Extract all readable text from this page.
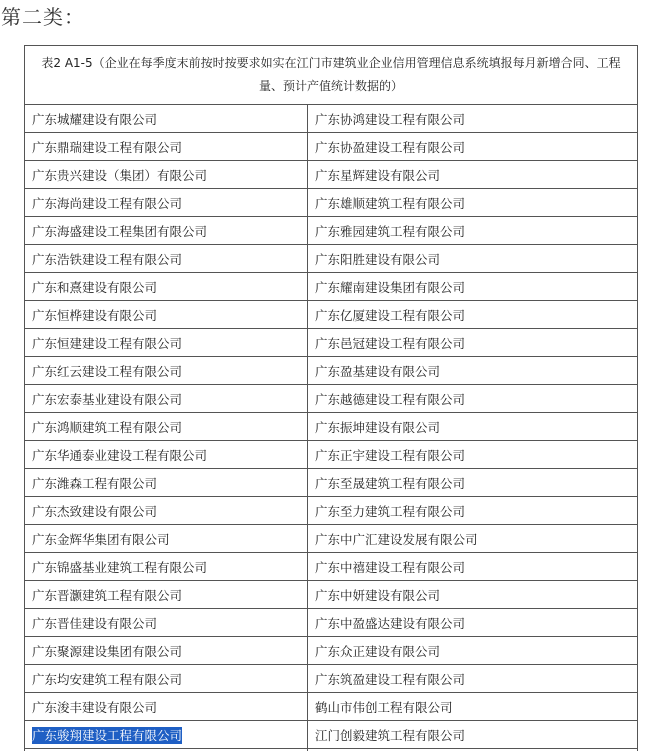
第二类：
表2 A1-5（企业在每季度末前按时按要求如实在江门市建筑业企业信用管理信息系统填报每月新增合同、工程量、预计产值统计数据的）	
广东城耀建设有限公司	广东协鸿建设工程有限公司
广东鼎瑞建设工程有限公司	广东协盈建设工程有限公司
广东贵兴建设（集团）有限公司	广东星辉建设有限公司
广东海尚建设工程有限公司	广东雄顺建筑工程有限公司
广东海盛建设工程集团有限公司	广东雅园建筑工程有限公司
广东浩铁建设工程有限公司	广东阳胜建设有限公司
广东和熹建设有限公司	广东耀南建设集团有限公司
广东恒桦建设有限公司	广东亿厦建设工程有限公司
广东恒建建设工程有限公司	广东邑冠建设工程有限公司
广东红云建设工程有限公司	广东盈基建设有限公司
广东宏泰基业建设有限公司	广东越德建设工程有限公司
广东鸿顺建筑工程有限公司	广东振坤建设有限公司
广东华通泰业建设工程有限公司	广东正宇建设工程有限公司
广东潍森工程有限公司	广东至晟建筑工程有限公司
广东杰致建设有限公司	广东至力建筑工程有限公司
广东金辉华集团有限公司	广东中广汇建设发展有限公司
广东锦盛基业建筑工程有限公司	广东中禧建设工程有限公司
广东晋灏建筑工程有限公司	广东中妍建设有限公司
广东晋佳建设有限公司	广东中盈盛达建设有限公司
广东聚源建设集团有限公司	广东众正建设有限公司
广东均安建筑工程有限公司	广东筑盈建设工程有限公司
广东浚丰建设有限公司	鹤山市伟创工程有限公司
广东骏翔建设工程有限公司	江门创毅建筑工程有限公司
